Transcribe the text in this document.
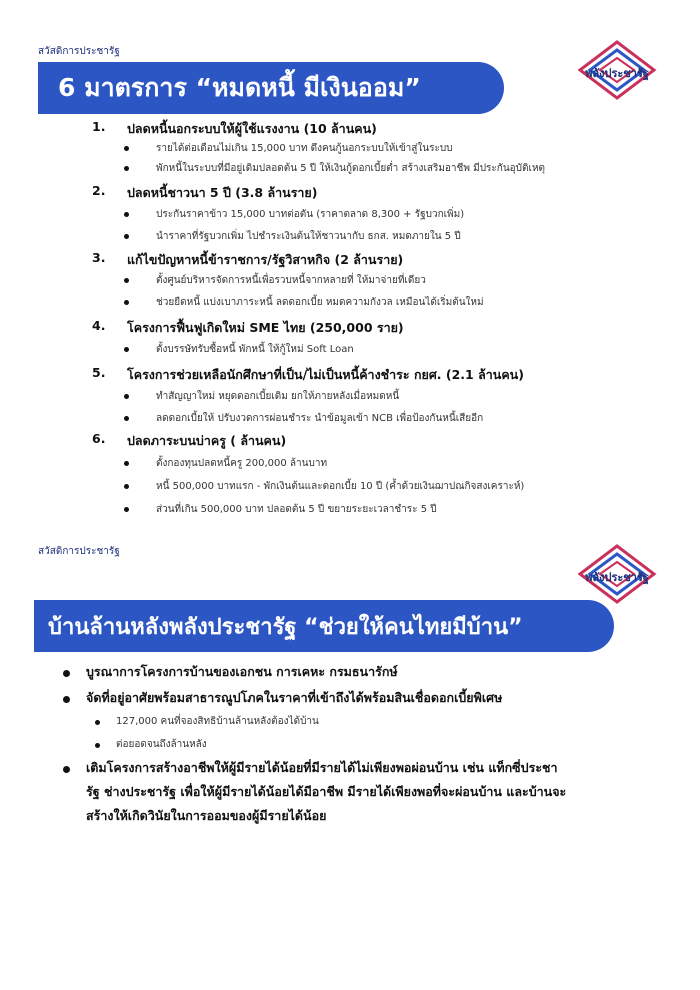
สวัสดิการประชารัฐ
6 มาตรการ “หมดหนี้ มีเงินออม”	พลังประชารัฐ
1. ปลดหนี้นอกระบบให้ผู้ใช้แรงงาน (10 ล้านคน)
รายได้ต่อเดือนไม่เกิน 15,000 บาท ดึงคนกู้นอกระบบให้เข้าสู่ในระบบ
พักหนี้ในระบบที่มีอยู่เดิมปลอดต้น 5 ปี ให้เงินกู้ดอกเบี้ยต่ำ สร้างเสริมอาชีพ มีประกันอุบัติเหตุ
2. ปลดหนี้ชาวนา 5 ปี (3.8 ล้านราย)
ประกันราคาข้าว 15,000 บาทต่อตัน (ราคาตลาด 8,300 + รัฐบวกเพิ่ม)
นำราคาที่รัฐบวกเพิ่ม ไปชำระเงินต้นให้ชาวนากับ ธกส. หมดภายใน 5 ปี
3. แก้ไขปัญหาหนี้ข้าราชการ/รัฐวิสาหกิจ (2 ล้านราย)
ตั้งศูนย์บริหารจัดการหนี้เพื่อรวบหนี้จากหลายที่ ให้มาจ่ายที่เดียว
ช่วยยืดหนี้ แบ่งเบาภาระหนี้ ลดดอกเบี้ย หมดความกังวล เหมือนได้เริ่มต้นใหม่
4. โครงการฟื้นฟูเกิดใหม่ SME ไทย (250,000 ราย)
ตั้งบรรษัทรับซื้อหนี้ พักหนี้ ให้กู้ใหม่ Soft Loan
5. โครงการช่วยเหลือนักศึกษาที่เป็น/ไม่เป็นหนี้ค้างชำระ กยศ. (2.1 ล้านคน)
ทำสัญญาใหม่ หยุดดอกเบี้ยเดิม ยกให้ภายหลังเมื่อหมดหนี้
ลดดอกเบี้ยให้ ปรับงวดการผ่อนชำระ นำข้อมูลเข้า NCB เพื่อป้องกันหนี้เสียอีก
6. ปลดภาระบนบ่าครู ( ล้านคน)
ตั้งกองทุนปลดหนี้ครู 200,000 ล้านบาท
หนี้ 500,000 บาทแรก - พักเงินต้นและดอกเบี้ย 10 ปี (ค้ำด้วยเงินฌาปณกิจสงเคราะห์)
ส่วนที่เกิน 500,000 บาท ปลอดต้น 5 ปี ขยายระยะเวลาชำระ 5 ปี
สวัสดิการประชารัฐ
พลังประชารัฐ
บ้านล้านหลังพลังประชารัฐ “ช่วยให้คนไทยมีบ้าน”
บูรณาการโครงการบ้านของเอกชน การเคหะ กรมธนารักษ์
จัดที่อยู่อาศัยพร้อมสาธารณูปโภคในราคาที่เข้าถึงได้พร้อมสินเชื่อดอกเบี้ยพิเศษ
127,000 คนที่จองสิทธิบ้านล้านหลังต้องได้บ้าน
ต่อยอดจนถึงล้านหลัง
เติมโครงการสร้างอาชีพให้ผู้มีรายได้น้อยที่มีรายได้ไม่เพียงพอผ่อนบ้าน เช่น แท็กซี่ประชา
รัฐ ช่างประชารัฐ เพื่อให้ผู้มีรายได้น้อยได้มีอาชีพ มีรายได้เพียงพอที่จะผ่อนบ้าน และบ้านจะ
สร้างให้เกิดวินัยในการออมของผู้มีรายได้น้อย
